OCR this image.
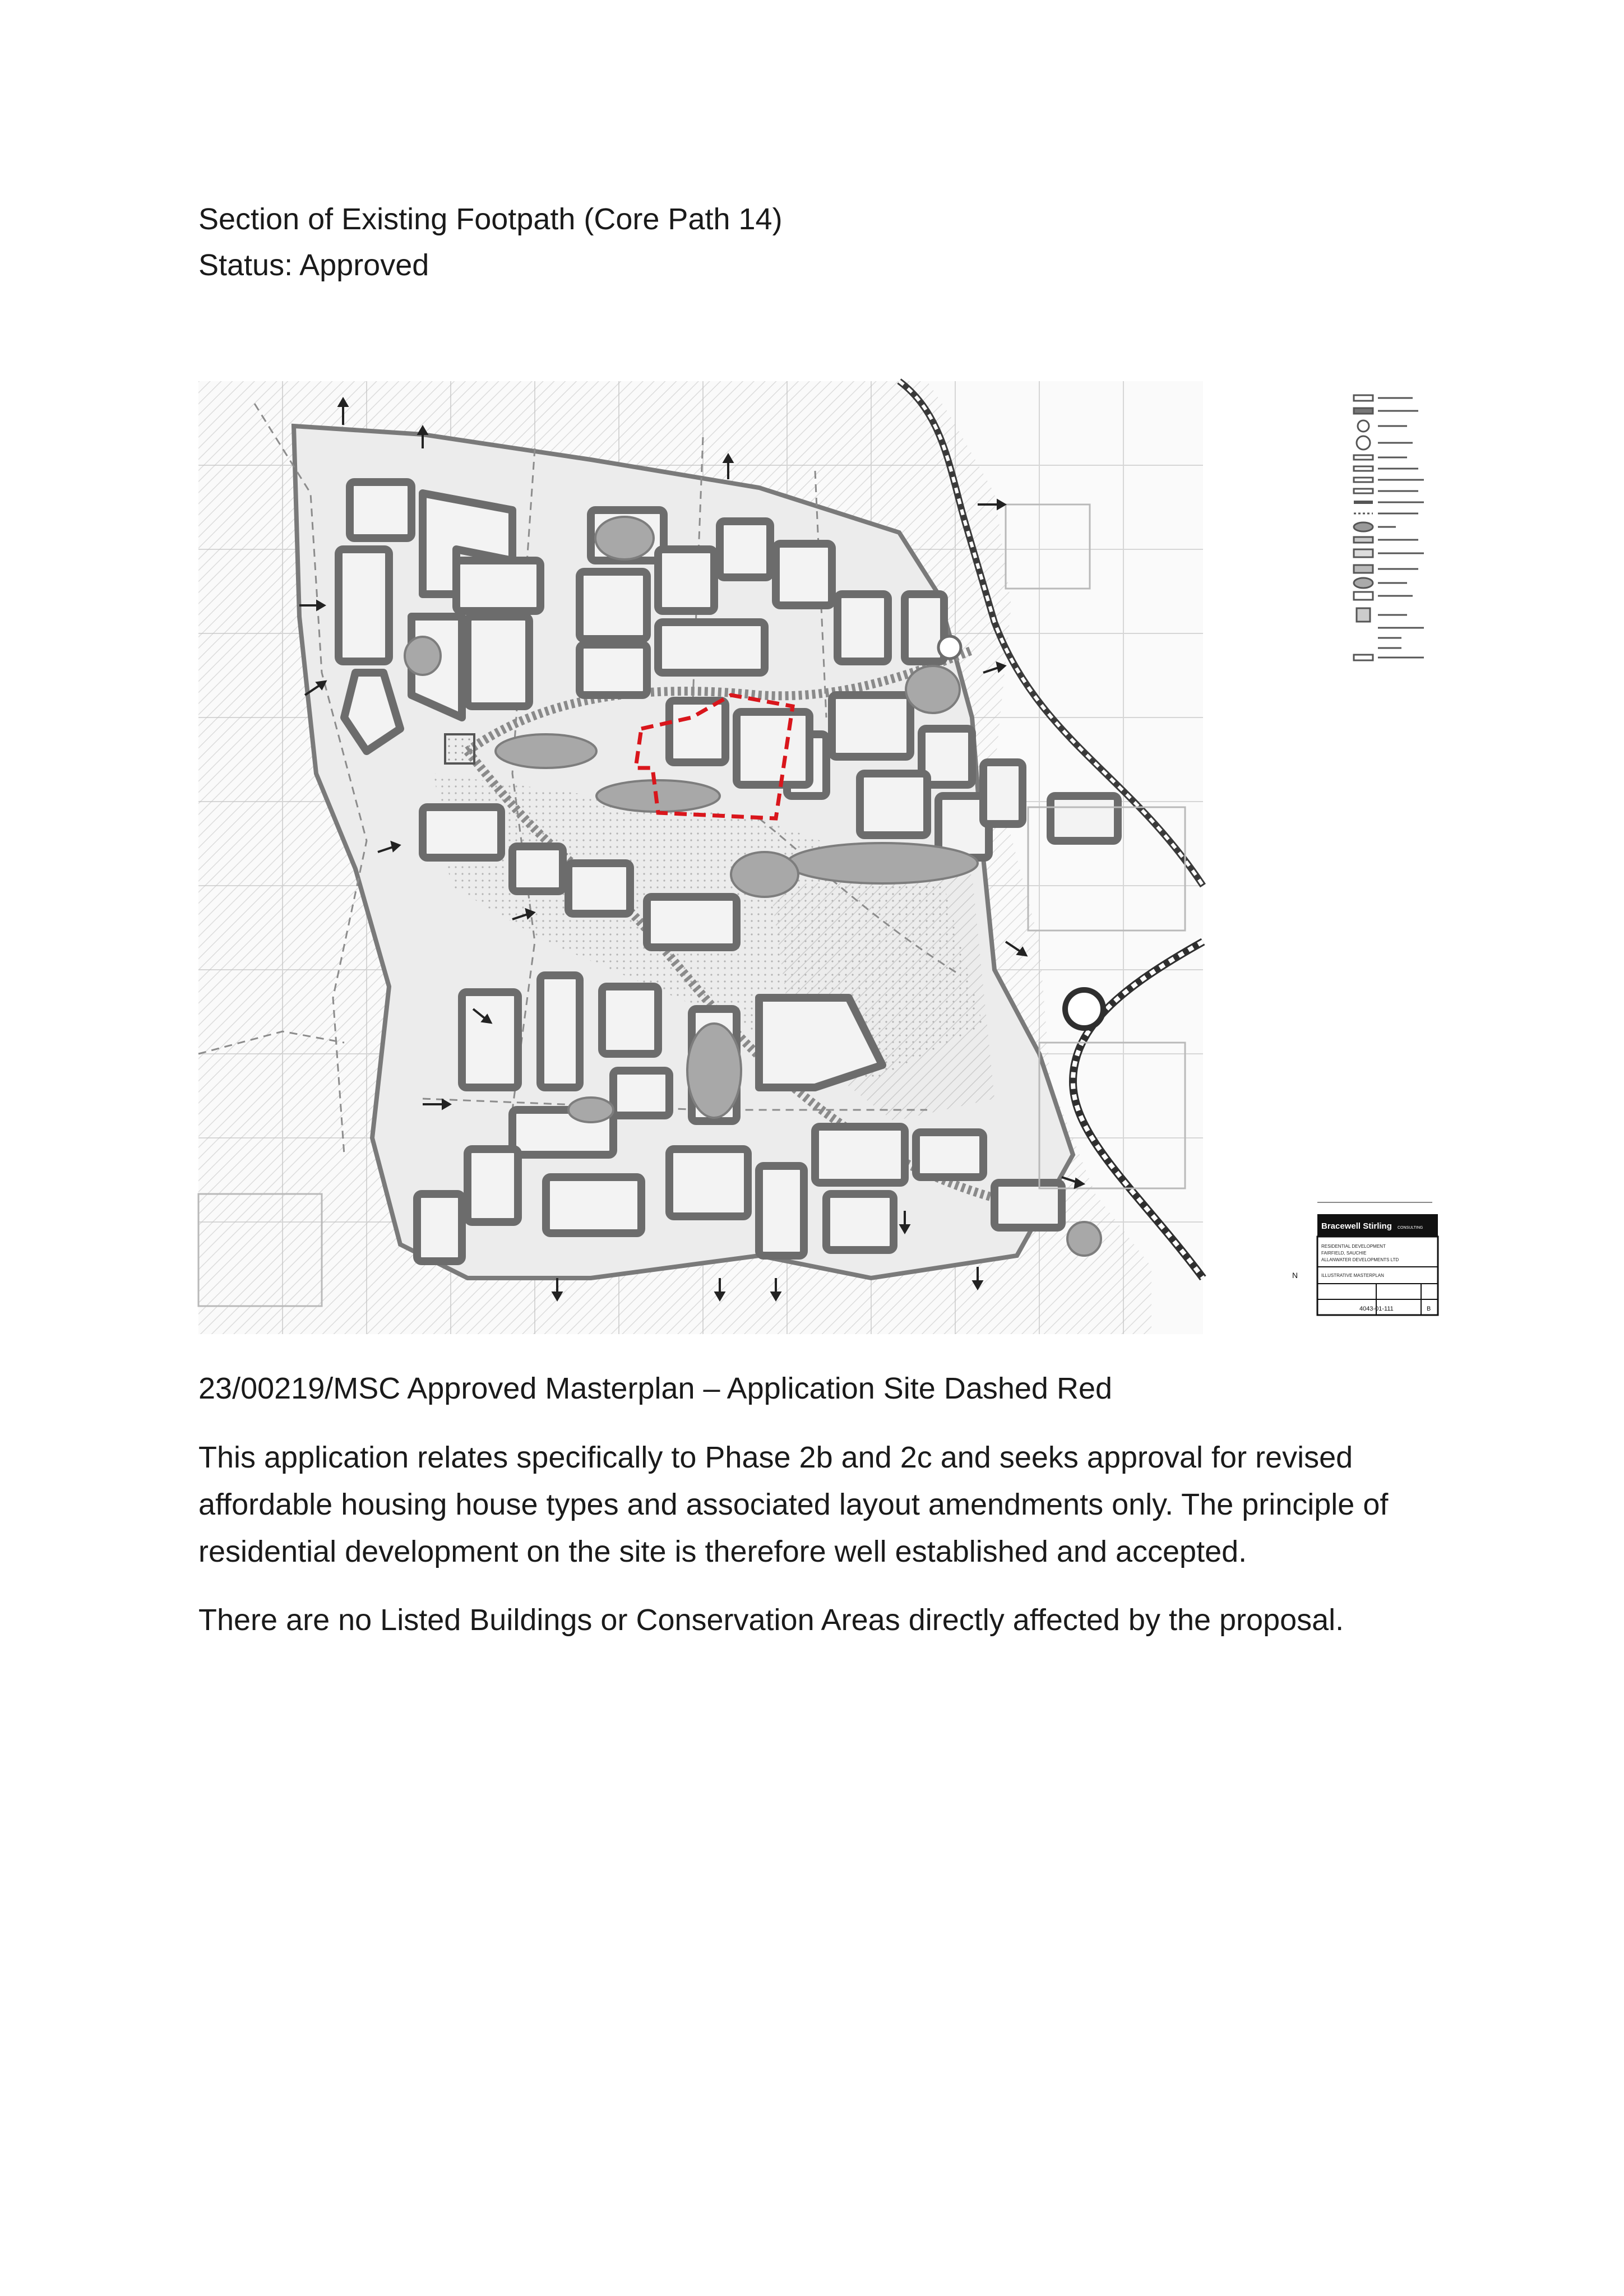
Section of Existing Footpath (Core Path 14)
Status: Approved
Bracewell Stirling CONSULTING
RESIDENTIAL DEVELOPMENT
FAIRFIELD, SAUCHIE
ALLANWATER DEVELOPMENTS LTD
ILLUSTRATIVE MASTERPLAN
4043-01-111	B
N
23/00219/MSC Approved Masterplan – Application Site Dashed Red
This application relates specifically to Phase 2b and 2c and seeks approval for revised affordable housing house types and associated layout amendments only. The principle of residential development on the site is therefore well established and accepted.
There are no Listed Buildings or Conservation Areas directly affected by the proposal.
